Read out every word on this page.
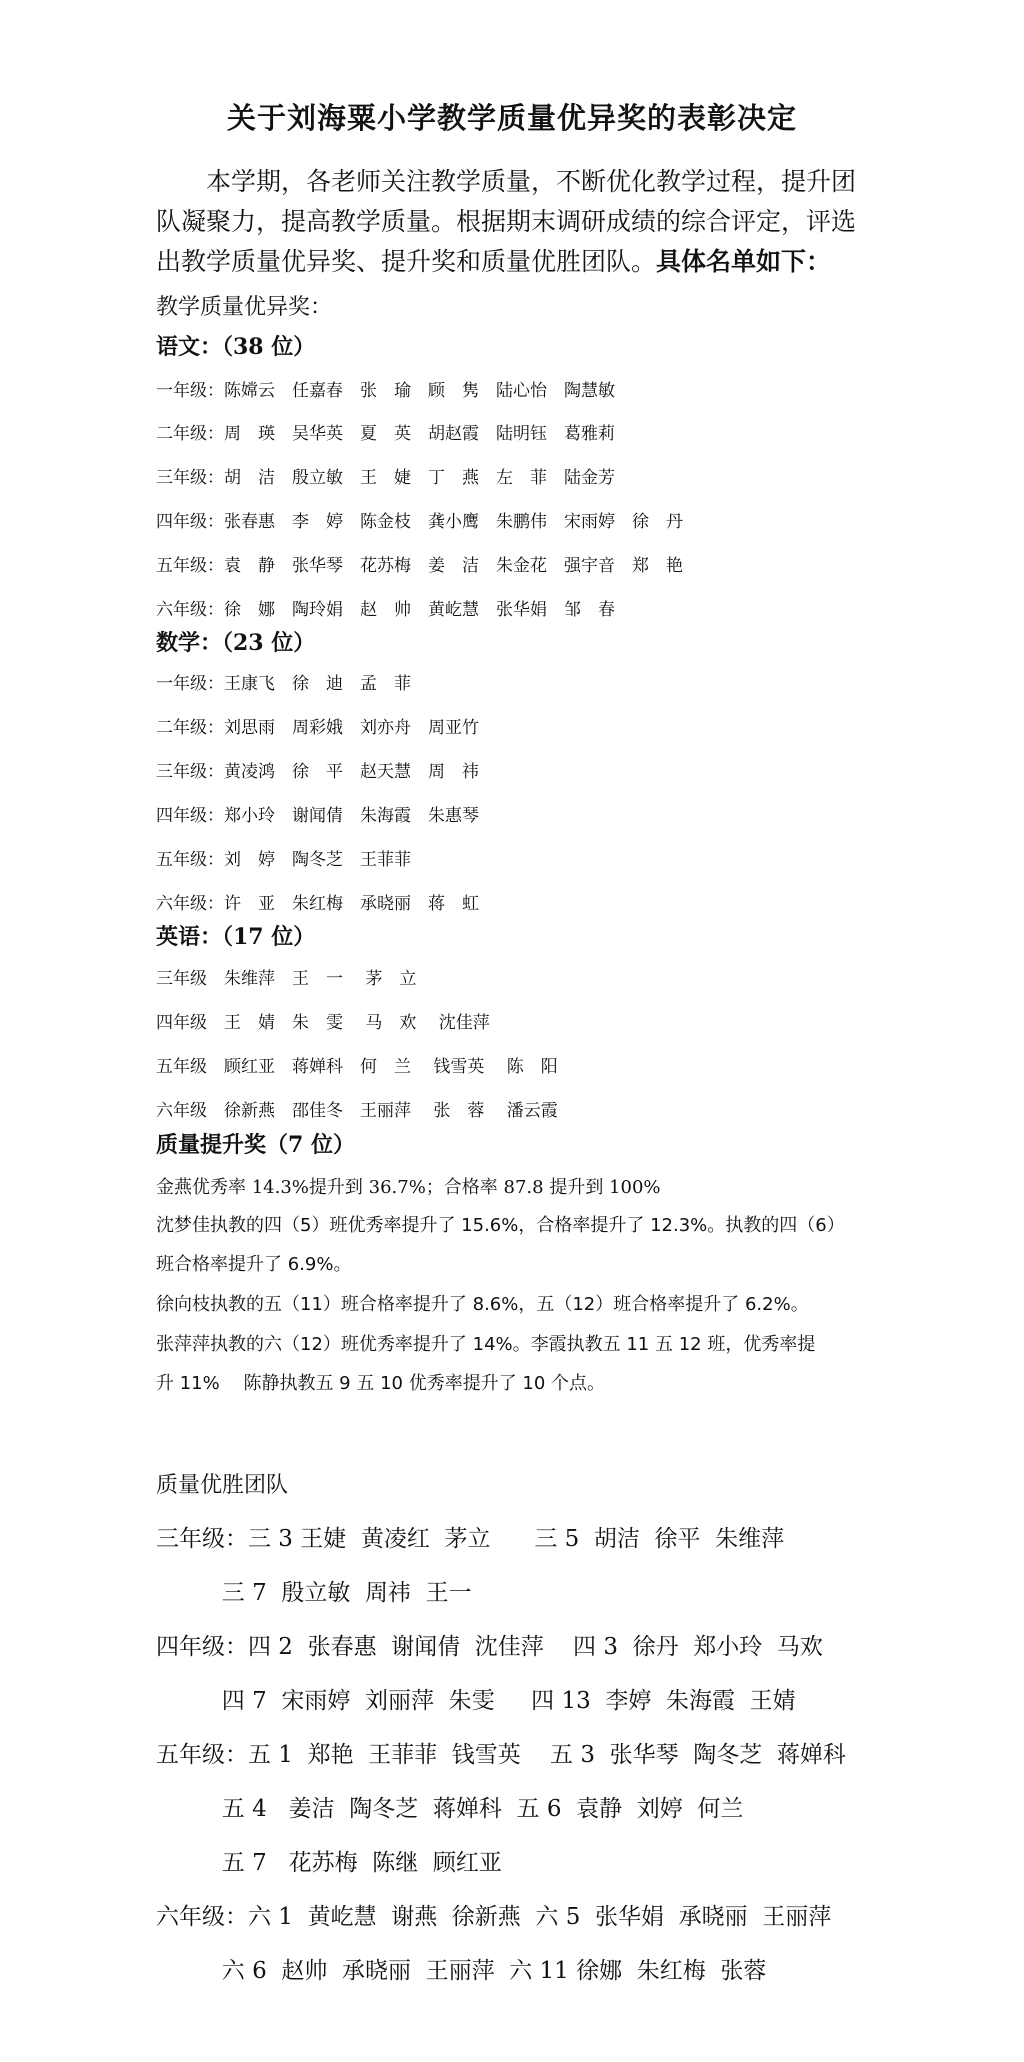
关于刘海粟小学教学质量优异奖的表彰决定
本学期，各老师关注教学质量，不断优化教学过程，提升团
队凝聚力，提高教学质量。根据期末调研成绩的综合评定，评选
出教学质量优异奖、提升奖和质量优胜团队。具体名单如下：
教学质量优异奖：
语文：（38 位）
一年级：陈嫦云　任嘉春　张　瑜　顾　隽　陆心怡　陶慧敏
二年级：周　瑛　吴华英　夏　英　胡赵霞　陆明钰　葛雅莉
三年级：胡　洁　殷立敏　王　婕　丁　燕　左　菲　陆金芳
四年级：张春惠　李　婷　陈金枝　龚小鹰　朱鹏伟　宋雨婷　徐　丹
五年级：袁　静　张华琴　花苏梅　姜　洁　朱金花　强宇音　郑　艳
六年级：徐　娜　陶玲娟　赵　帅　黄屹慧　张华娟　邹　春
数学：（23 位）
一年级：王康飞　徐　迪　孟　菲
二年级：刘思雨　周彩娥　刘亦舟　周亚竹
三年级：黄凌鸿　徐　平　赵天慧　周　祎
四年级：郑小玲　谢闻倩　朱海霞　朱惠琴
五年级：刘　婷　陶冬芝　王菲菲
六年级：许　亚　朱红梅　承晓丽　蒋　虹
英语：（17 位）
三年级　朱维萍　王　一　 茅　立
四年级　王　婧　朱　雯　 马　欢　 沈佳萍
五年级　顾红亚　蒋婵科　何　兰　 钱雪英　 陈　阳
六年级　徐新燕　邵佳冬　王丽萍　 张　蓉　 潘云霞
质量提升奖（7 位）
金燕优秀率 14.3%提升到 36.7%；合格率 87.8 提升到 100%
沈梦佳执教的四（5）班优秀率提升了 15.6%，合格率提升了 12.3%。执教的四（6）
班合格率提升了 6.9%。
徐向枝执教的五（11）班合格率提升了 8.6%，五（12）班合格率提升了 6.2%。
张萍萍执教的六（12）班优秀率提升了 14%。李霞执教五 11 五 12 班，优秀率提
升 11%　 陈静执教五 9 五 10 优秀率提升了 10 个点。
质量优胜团队
三年级：三 3 王婕  黄凌红  茅立      三 5  胡洁  徐平  朱维萍
三 7  殷立敏  周祎  王一
四年级：四 2  张春惠  谢闻倩  沈佳萍    四 3  徐丹  郑小玲  马欢
四 7  宋雨婷  刘丽萍  朱雯     四 13  李婷  朱海霞  王婧
五年级：五 1  郑艳  王菲菲  钱雪英    五 3  张华琴  陶冬芝  蒋婵科
五 4   姜洁  陶冬芝  蒋婵科  五 6  袁静  刘婷  何兰
五 7   花苏梅  陈继  顾红亚
六年级：六 1  黄屹慧  谢燕  徐新燕  六 5  张华娟  承晓丽  王丽萍
六 6  赵帅  承晓丽  王丽萍  六 11 徐娜  朱红梅  张蓉
